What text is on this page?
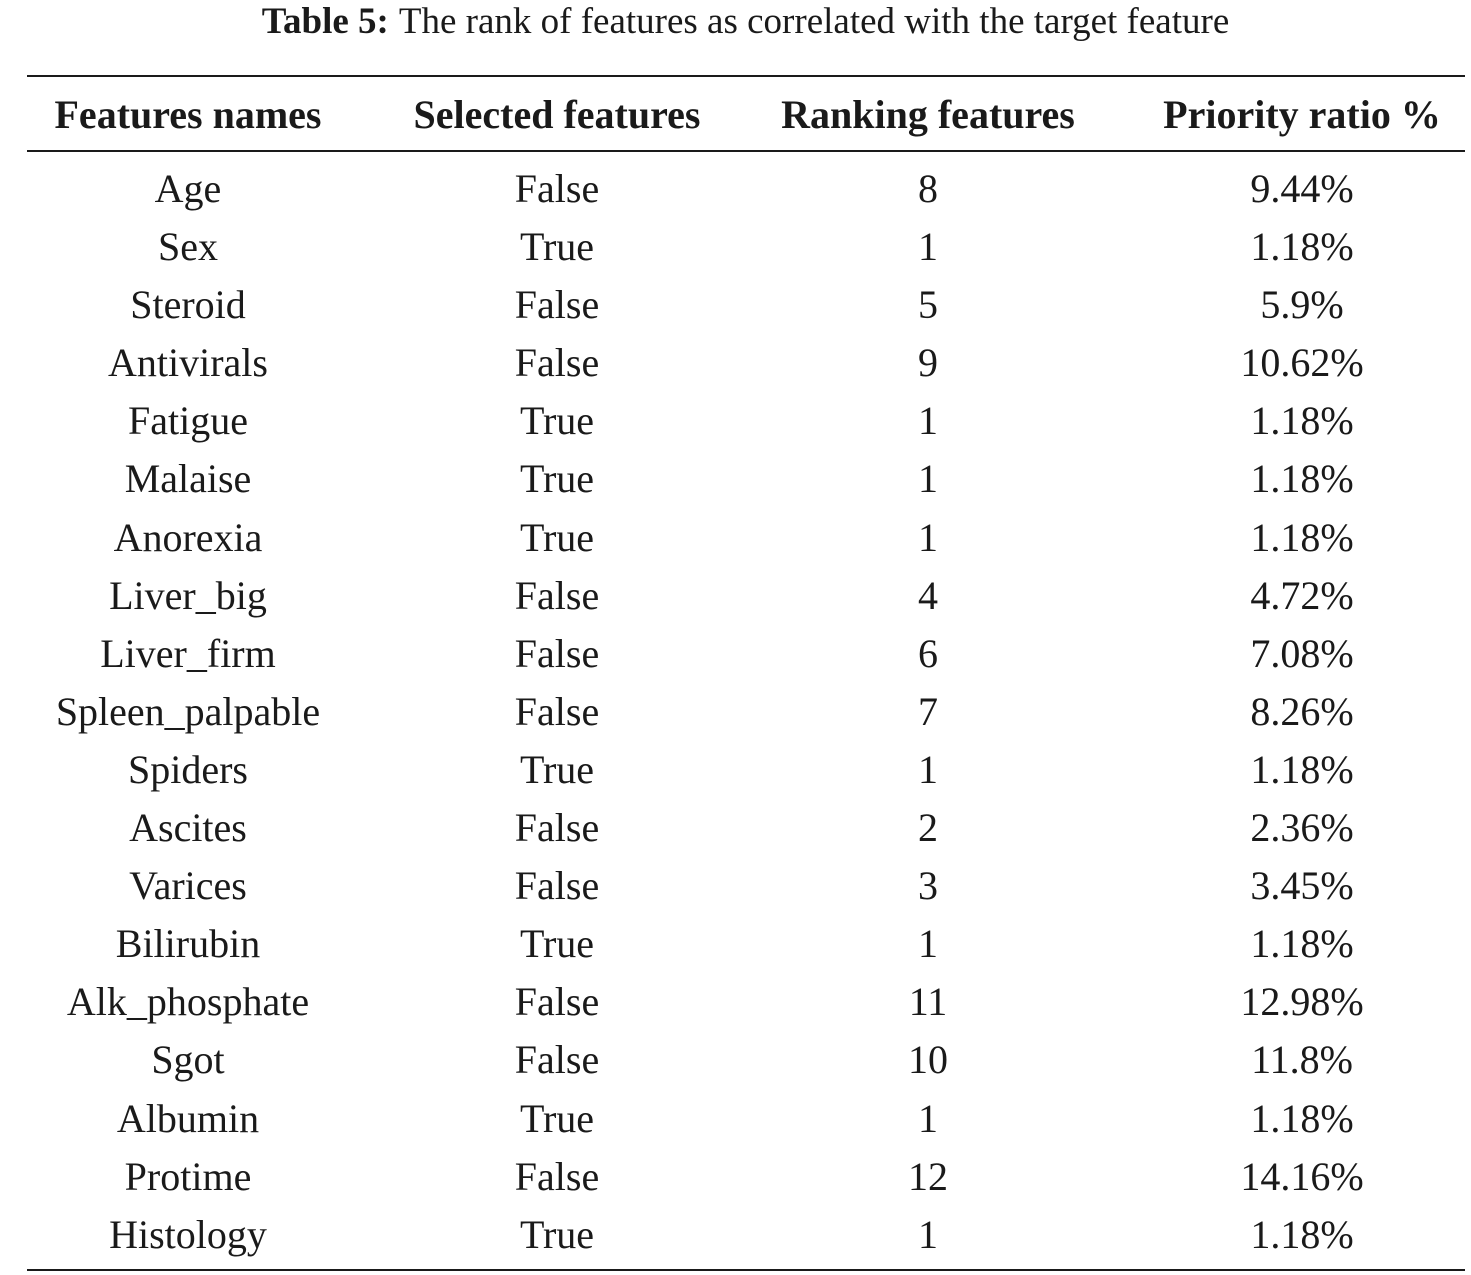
Table 5: The rank of features as correlated with the target feature
Features names	Selected features	Ranking features	Priority ratio %
Age	False	8	9.44%
Sex	True	1	1.18%
Steroid	False	5	5.9%
Antivirals	False	9	10.62%
Fatigue	True	1	1.18%
Malaise	True	1	1.18%
Anorexia	True	1	1.18%
Liver_big	False	4	4.72%
Liver_firm	False	6	7.08%
Spleen_palpable	False	7	8.26%
Spiders	True	1	1.18%
Ascites	False	2	2.36%
Varices	False	3	3.45%
Bilirubin	True	1	1.18%
Alk_phosphate	False	11	12.98%
Sgot	False	10	11.8%
Albumin	True	1	1.18%
Protime	False	12	14.16%
Histology	True	1	1.18%
